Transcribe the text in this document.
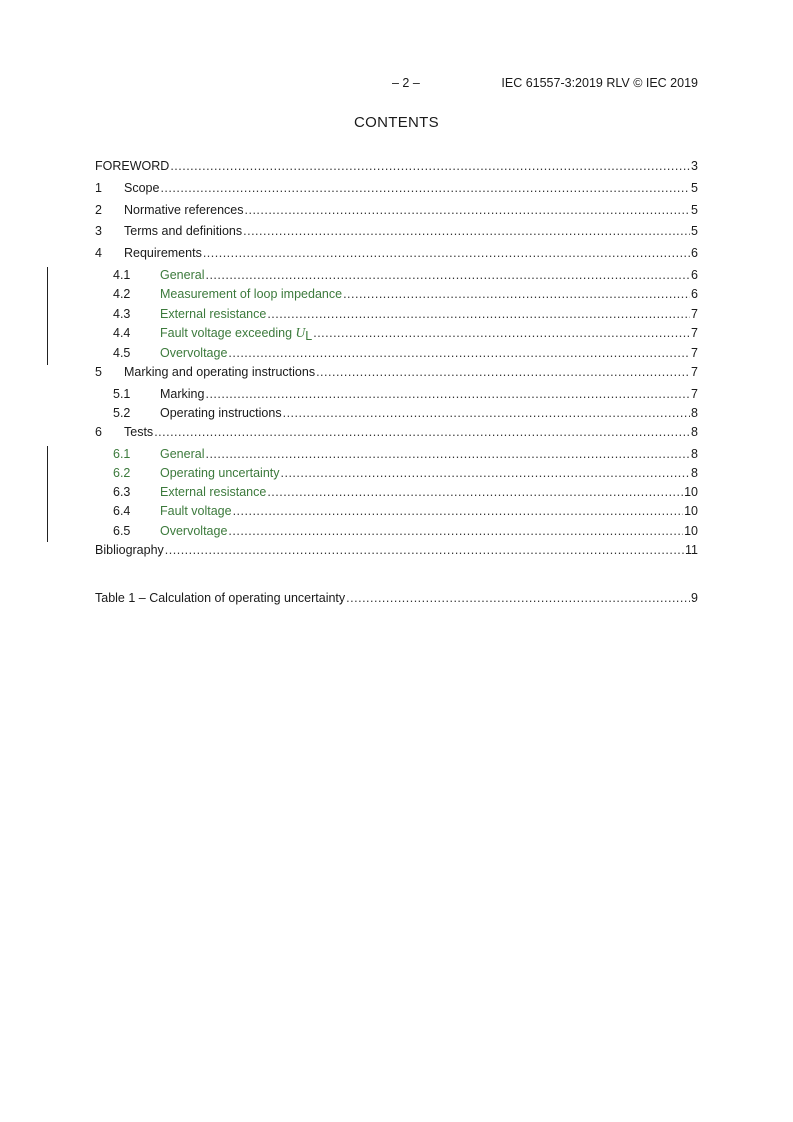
– 2 –	IEC 61557-3:2019 RLV © IEC 2019
CONTENTS
FOREWORD .....	3
1	Scope .....	5
2	Normative references .....	5
3	Terms and definitions .....	5
4	Requirements .....	6
4.1	General .....	6
4.2	Measurement of loop impedance .....	6
4.3	External resistance .....	7
4.4	Fault voltage exceeding UL .....	7
4.5	Overvoltage .....	7
5	Marking and operating instructions .....	7
5.1	Marking .....	7
5.2	Operating instructions .....	8
6	Tests .....	8
6.1	General .....	8
6.2	Operating uncertainty .....	8
6.3	External resistance .....	10
6.4	Fault voltage .....	10
6.5	Overvoltage .....	10
Bibliography .....	11
Table 1 – Calculation of operating uncertainty .....	9
